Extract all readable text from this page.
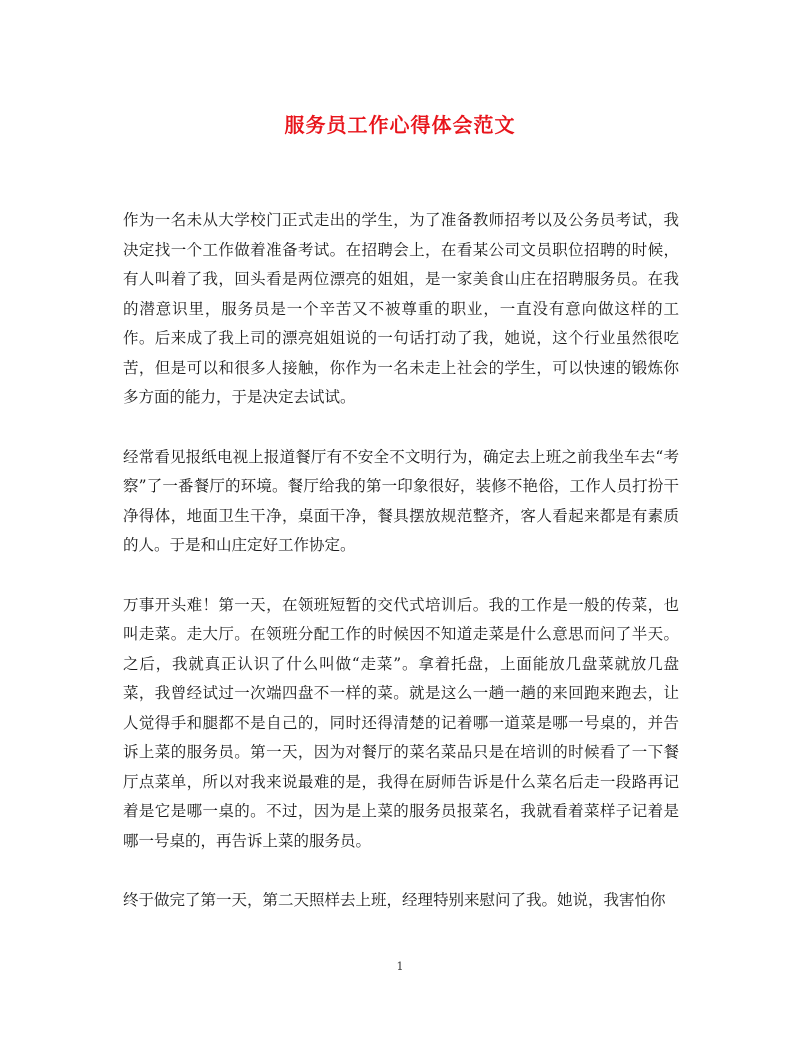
服务员工作心得体会范文

作为一名未从大学校门正式走出的学生，为了准备教师招考以及公务员考试，我决定找一个工作做着准备考试。在招聘会上，在看某公司文员职位招聘的时候，有人叫着了我，回头看是两位漂亮的姐姐，是一家美食山庄在招聘服务员。在我的潜意识里，服务员是一个辛苦又不被尊重的职业，一直没有意向做这样的工作。后来成了我上司的漂亮姐姐说的一句话打动了我，她说，这个行业虽然很吃苦，但是可以和很多人接触，你作为一名未走上社会的学生，可以快速的锻炼你多方面的能力，于是决定去试试。

经常看见报纸电视上报道餐厅有不安全不文明行为，确定去上班之前我坐车去“考察”了一番餐厅的环境。餐厅给我的第一印象很好，装修不艳俗，工作人员打扮干净得体，地面卫生干净，桌面干净，餐具摆放规范整齐，客人看起来都是有素质的人。于是和山庄定好工作协定。

万事开头难！第一天，在领班短暂的交代式培训后。我的工作是一般的传菜，也叫走菜。走大厅。在领班分配工作的时候因不知道走菜是什么意思而问了半天。之后，我就真正认识了什么叫做“走菜”。拿着托盘，上面能放几盘菜就放几盘菜，我曾经试过一次端四盘不一样的菜。就是这么一趟一趟的来回跑来跑去，让人觉得手和腿都不是自己的，同时还得清楚的记着哪一道菜是哪一号桌的，并告诉上菜的服务员。第一天，因为对餐厅的菜名菜品只是在培训的时候看了一下餐厅点菜单，所以对我来说最难的是，我得在厨师告诉是什么菜名后走一段路再记着是它是哪一桌的。不过，因为是上菜的服务员报菜名，我就看着菜样子记着是哪一号桌的，再告诉上菜的服务员。

终于做完了第一天，第二天照样去上班，经理特别来慰问了我。她说，我害怕你

1
